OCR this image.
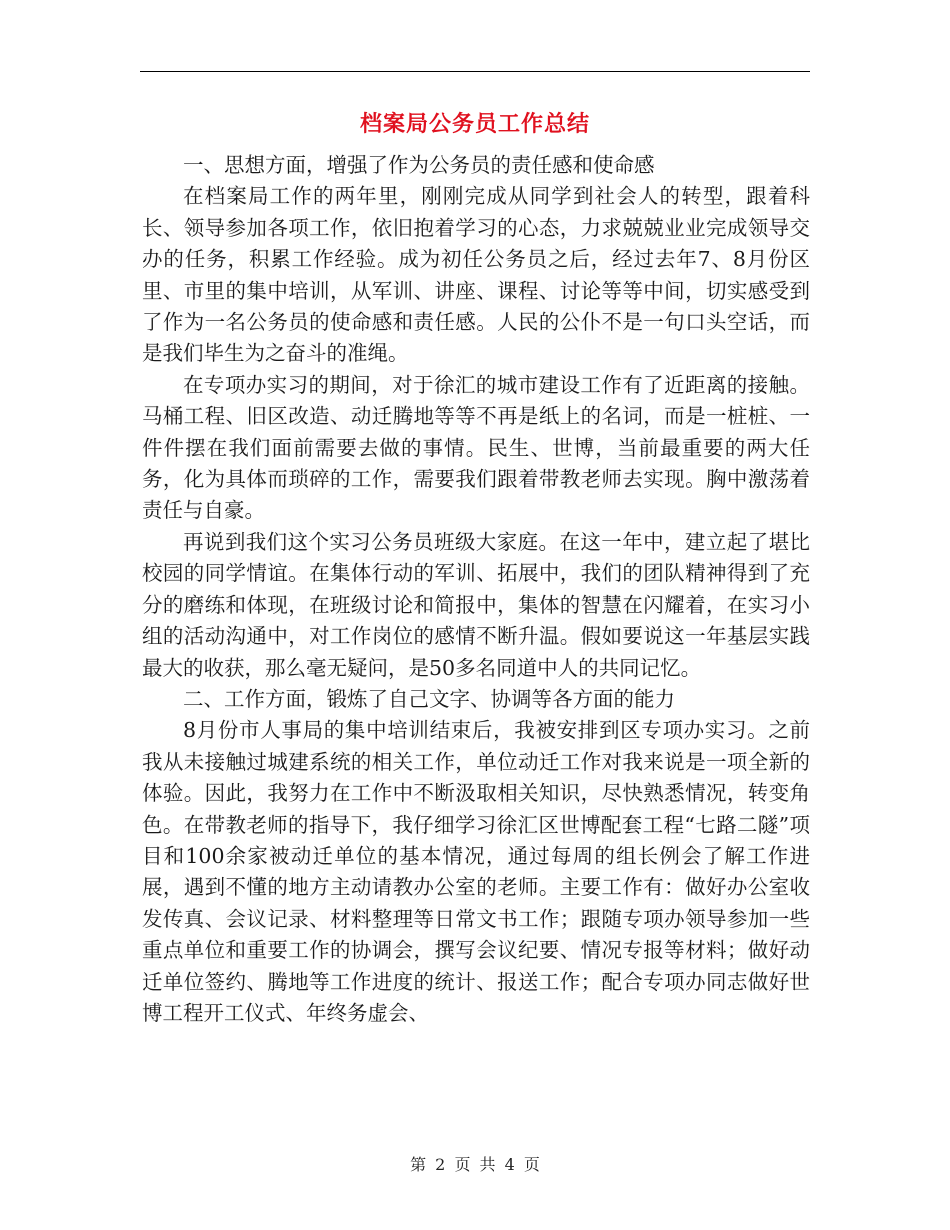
档案局公务员工作总结

一、思想方面，增强了作为公务员的责任感和使命感

在档案局工作的两年里，刚刚完成从同学到社会人的转型，跟着科长、领导参加各项工作，依旧抱着学习的心态，力求兢兢业业完成领导交办的任务，积累工作经验。成为初任公务员之后，经过去年7、8月份区里、市里的集中培训，从军训、讲座、课程、讨论等等中间，切实感受到了作为一名公务员的使命感和责任感。人民的公仆不是一句口头空话，而是我们毕生为之奋斗的准绳。

在专项办实习的期间，对于徐汇的城市建设工作有了近距离的接触。马桶工程、旧区改造、动迁腾地等等不再是纸上的名词，而是一桩桩、一件件摆在我们面前需要去做的事情。民生、世博，当前最重要的两大任务，化为具体而琐碎的工作，需要我们跟着带教老师去实现。胸中激荡着责任与自豪。

再说到我们这个实习公务员班级大家庭。在这一年中，建立起了堪比校园的同学情谊。在集体行动的军训、拓展中，我们的团队精神得到了充分的磨练和体现，在班级讨论和简报中，集体的智慧在闪耀着，在实习小组的活动沟通中，对工作岗位的感情不断升温。假如要说这一年基层实践最大的收获，那么毫无疑问，是50多名同道中人的共同记忆。

二、工作方面，锻炼了自己文字、协调等各方面的能力

8月份市人事局的集中培训结束后，我被安排到区专项办实习。之前我从未接触过城建系统的相关工作，单位动迁工作对我来说是一项全新的体验。因此，我努力在工作中不断汲取相关知识，尽快熟悉情况，转变角色。在带教老师的指导下，我仔细学习徐汇区世博配套工程“七路二隧”项目和100余家被动迁单位的基本情况，通过每周的组长例会了解工作进展，遇到不懂的地方主动请教办公室的老师。主要工作有：做好办公室收发传真、会议记录、材料整理等日常文书工作；跟随专项办领导参加一些重点单位和重要工作的协调会，撰写会议纪要、情况专报等材料；做好动迁单位签约、腾地等工作进度的统计、报送工作；配合专项办同志做好世博工程开工仪式、年终务虚会、

第 2 页 共 4 页
